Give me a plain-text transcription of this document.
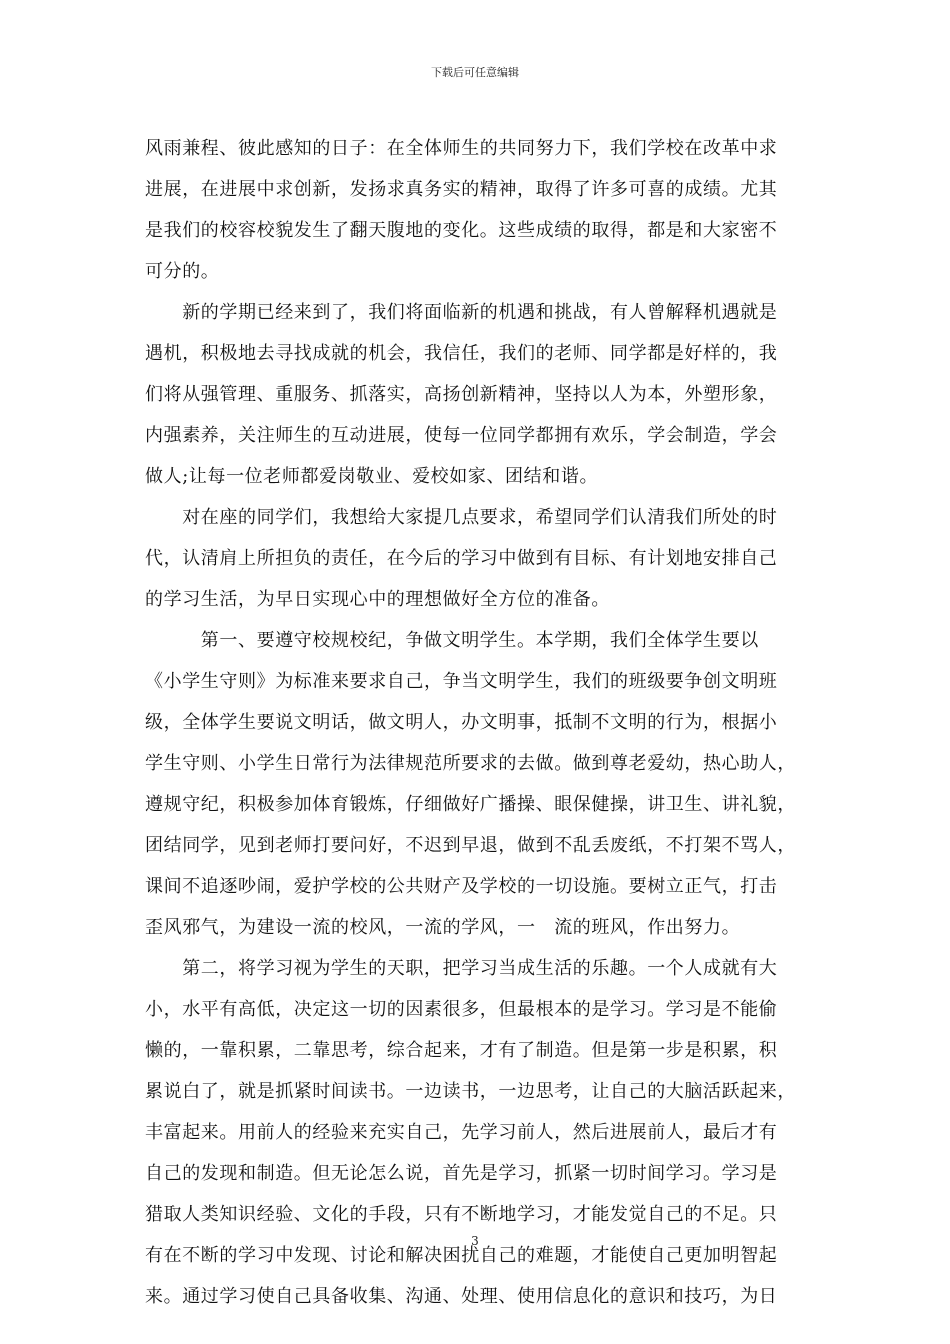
下载后可任意编辑

风雨兼程、彼此感知的日子：在全体师生的共同努力下，我们学校在改革中求
进展，在进展中求创新，发扬求真务实的精神，取得了许多可喜的成绩。尤其
是我们的校容校貌发生了翻天腹地的变化。这些成绩的取得，都是和大家密不
可分的。

　　新的学期已经来到了，我们将面临新的机遇和挑战，有人曾解释机遇就是
遇机，积极地去寻找成就的机会，我信任，我们的老师、同学都是好样的，我
们将从强管理、重服务、抓落实，高扬创新精神，坚持以人为本，外塑形象，
内强素养，关注师生的互动进展，使每一位同学都拥有欢乐，学会制造，学会
做人;让每一位老师都爱岗敬业、爱校如家、团结和谐。

　　对在座的同学们，我想给大家提几点要求，希望同学们认清我们所处的时
代，认清肩上所担负的责任，在今后的学习中做到有目标、有计划地安排自己
的学习生活，为早日实现心中的理想做好全方位的准备。

　　　第一、要遵守校规校纪，争做文明学生。本学期，我们全体学生要以
《小学生守则》为标准来要求自己，争当文明学生，我们的班级要争创文明班
级，全体学生要说文明话，做文明人，办文明事，抵制不文明的行为，根据小
学生守则、小学生日常行为法律规范所要求的去做。做到尊老爱幼，热心助人，
遵规守纪，积极参加体育锻炼，仔细做好广播操、眼保健操，讲卫生、讲礼貌，
团结同学，见到老师打要问好，不迟到早退，做到不乱丢废纸，不打架不骂人，
课间不追逐吵闹，爱护学校的公共财产及学校的一切设施。要树立正气，打击
歪风邪气，为建设一流的校风，一流的学风，一　流的班风，作出努力。

　　第二，将学习视为学生的天职，把学习当成生活的乐趣。一个人成就有大
小，水平有高低，决定这一切的因素很多，但最根本的是学习。学习是不能偷
懒的，一靠积累，二靠思考，综合起来，才有了制造。但是第一步是积累，积
累说白了，就是抓紧时间读书。一边读书，一边思考，让自己的大脑活跃起来，
丰富起来。用前人的经验来充实自己，先学习前人，然后进展前人，最后才有
自己的发现和制造。但无论怎么说，首先是学习，抓紧一切时间学习。学习是
猎取人类知识经验、文化的手段，只有不断地学习，才能发觉自己的不足。只
有在不断的学习中发现、讨论和解决困扰自己的难题，才能使自己更加明智起
来。通过学习使自己具备收集、沟通、处理、使用信息化的意识和技巧，为日

3
